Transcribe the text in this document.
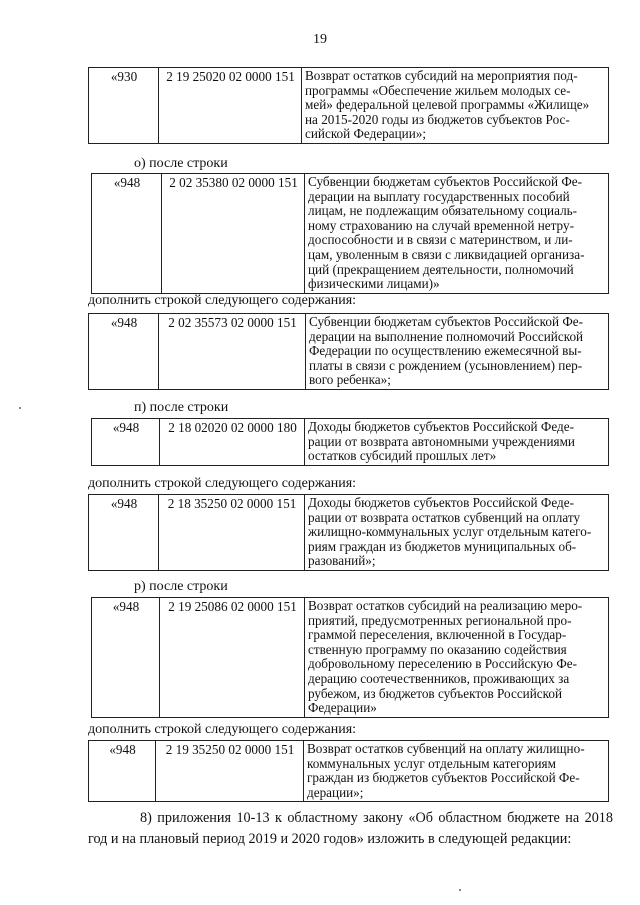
19
«930	2 19 25020 02 0000 151	Возврат остатков субсидий на мероприятия под-
программы «Обеспечение жильем молодых се-
мей» федеральной целевой программы «Жилище»
на 2015-2020 годы из бюджетов субъектов Рос-
сийской Федерации»;
о) после строки
«948	2 02 35380 02 0000 151	Субвенции бюджетам субъектов Российской Фе-
дерации на выплату государственных пособий
лицам, не подлежащим обязательному социаль-
ному страхованию на случай временной нетру-
доспособности и в связи с материнством, и ли-
цам, уволенным в связи с ликвидацией организа-
ций (прекращением деятельности, полномочий
физическими лицами)»
дополнить строкой следующего содержания:
«948	2 02 35573 02 0000 151	Субвенции бюджетам субъектов Российской Фе-
дерации на выполнение полномочий Российской
Федерации по осуществлению ежемесячной вы-
платы в связи с рождением (усыновлением) пер-
вого ребенка»;
п) после строки
«948	2 18 02020 02 0000 180	Доходы бюджетов субъектов Российской Феде-
рации от возврата автономными учреждениями
остатков субсидий прошлых лет»
дополнить строкой следующего содержания:
«948	2 18 35250 02 0000 151	Доходы бюджетов субъектов Российской Феде-
рации от возврата остатков субвенций на оплату
жилищно-коммунальных услуг отдельным катего-
риям граждан из бюджетов муниципальных об-
разований»;
р) после строки
«948	2 19 25086 02 0000 151	Возврат остатков субсидий на реализацию меро-
приятий, предусмотренных региональной про-
граммой переселения, включенной в Государ-
ственную программу по оказанию содействия
добровольному переселению в Российскую Фе-
дерацию соотечественников, проживающих за
рубежом, из бюджетов субъектов Российской
Федерации»
дополнить строкой следующего содержания:
«948	2 19 35250 02 0000 151	Возврат остатков субвенций на оплату жилищно-
коммунальных услуг отдельным категориям
граждан из бюджетов субъектов Российской Фе-
дерации»;
8) приложения 10-13 к областному закону «Об областном бюджете на 2018 год и на плановый период 2019 и 2020 годов» изложить в следующей редакции:
